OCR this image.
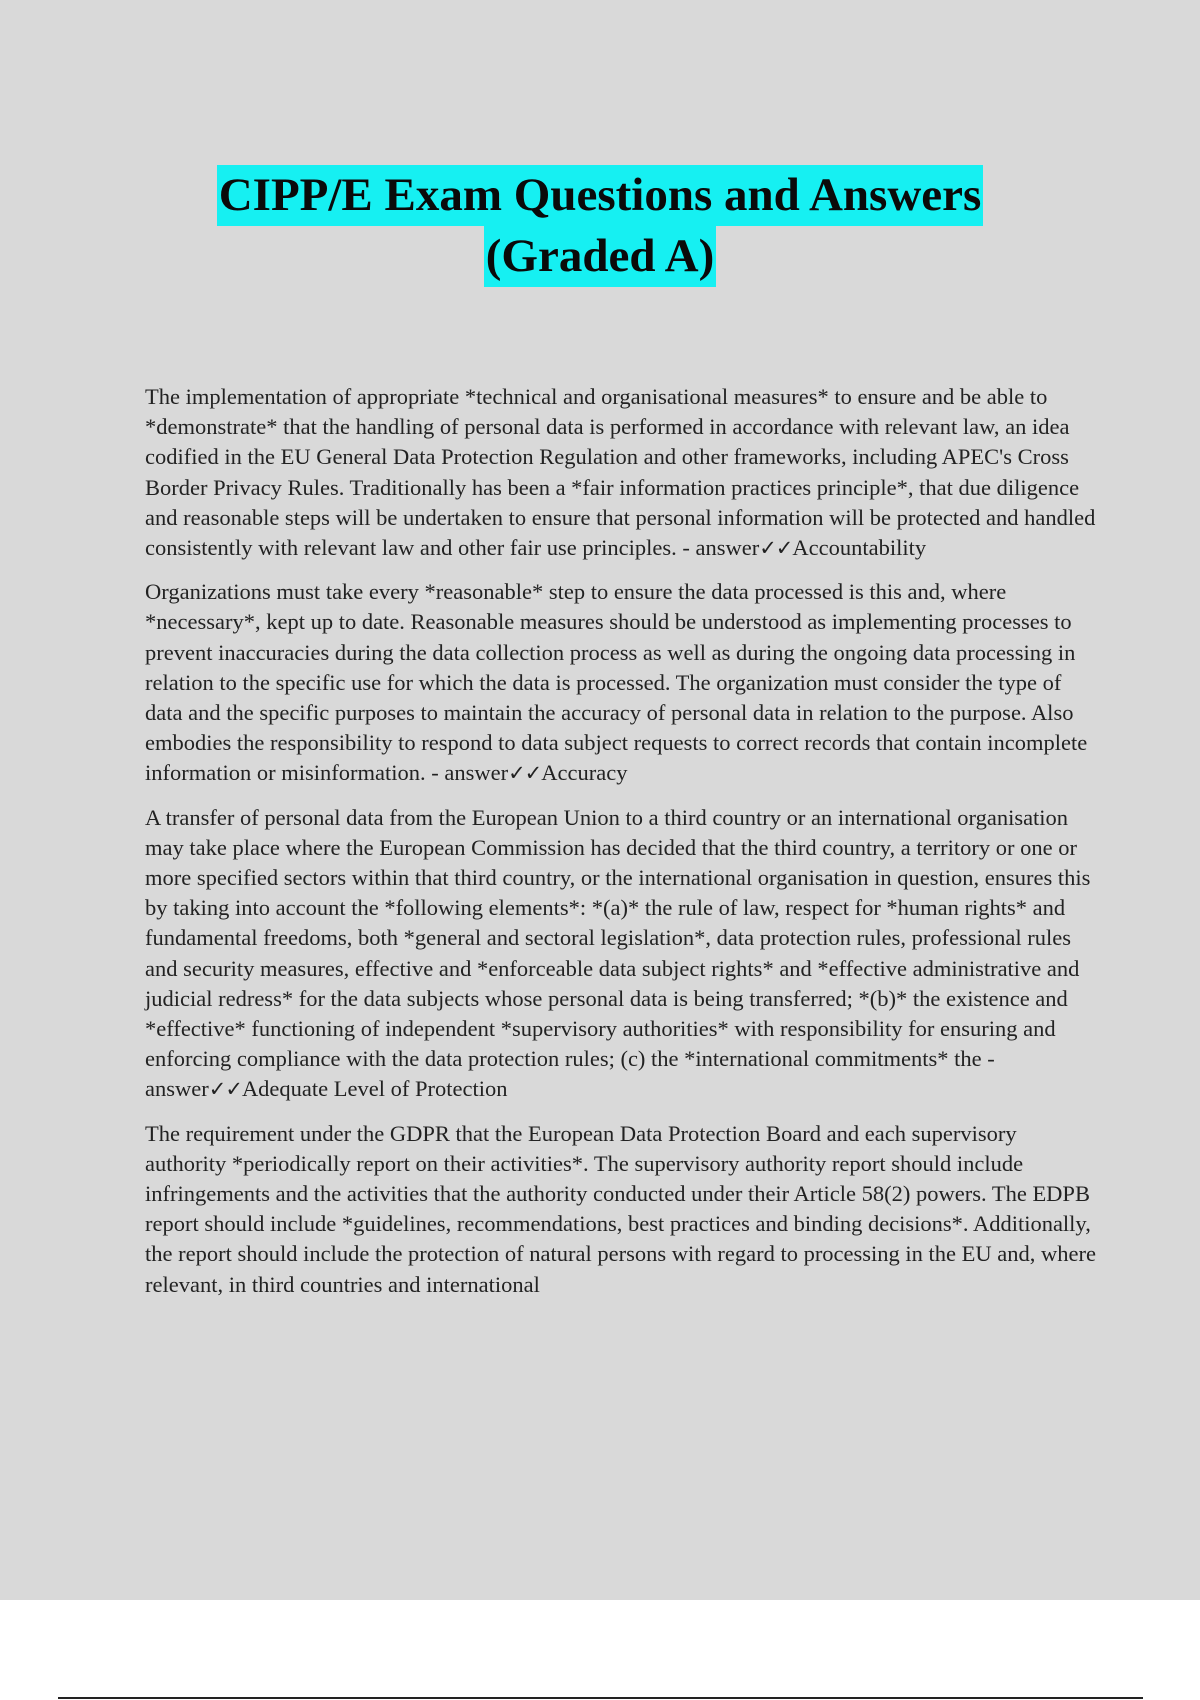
CIPP/E Exam Questions and Answers
(Graded A)

The implementation of appropriate *technical and organisational measures* to ensure and be able to *demonstrate* that the handling of personal data is performed in accordance with relevant law, an idea codified in the EU General Data Protection Regulation and other frameworks, including APEC's Cross Border Privacy Rules. Traditionally has been a *fair information practices principle*, that due diligence and reasonable steps will be undertaken to ensure that personal information will be protected and handled consistently with relevant law and other fair use principles. - answer✓✓Accountability

Organizations must take every *reasonable* step to ensure the data processed is this and, where *necessary*, kept up to date. Reasonable measures should be understood as implementing processes to prevent inaccuracies during the data collection process as well as during the ongoing data processing in relation to the specific use for which the data is processed. The organization must consider the type of data and the specific purposes to maintain the accuracy of personal data in relation to the purpose. Also embodies the responsibility to respond to data subject requests to correct records that contain incomplete information or misinformation. - answer✓✓Accuracy

A transfer of personal data from the European Union to a third country or an international organisation may take place where the European Commission has decided that the third country, a territory or one or more specified sectors within that third country, or the international organisation in question, ensures this by taking into account the *following elements*: *(a)* the rule of law, respect for *human rights* and fundamental freedoms, both *general and sectoral legislation*, data protection rules, professional rules and security measures, effective and *enforceable data subject rights* and *effective administrative and judicial redress* for the data subjects whose personal data is being transferred; *(b)* the existence and *effective* functioning of independent *supervisory authorities* with responsibility for ensuring and enforcing compliance with the data protection rules; (c) the *international commitments* the - answer✓✓Adequate Level of Protection

The requirement under the GDPR that the European Data Protection Board and each supervisory authority *periodically report on their activities*. The supervisory authority report should include infringements and the activities that the authority conducted under their Article 58(2) powers. The EDPB report should include *guidelines, recommendations, best practices and binding decisions*. Additionally, the report should include the protection of natural persons with regard to processing in the EU and, where relevant, in third countries and international
